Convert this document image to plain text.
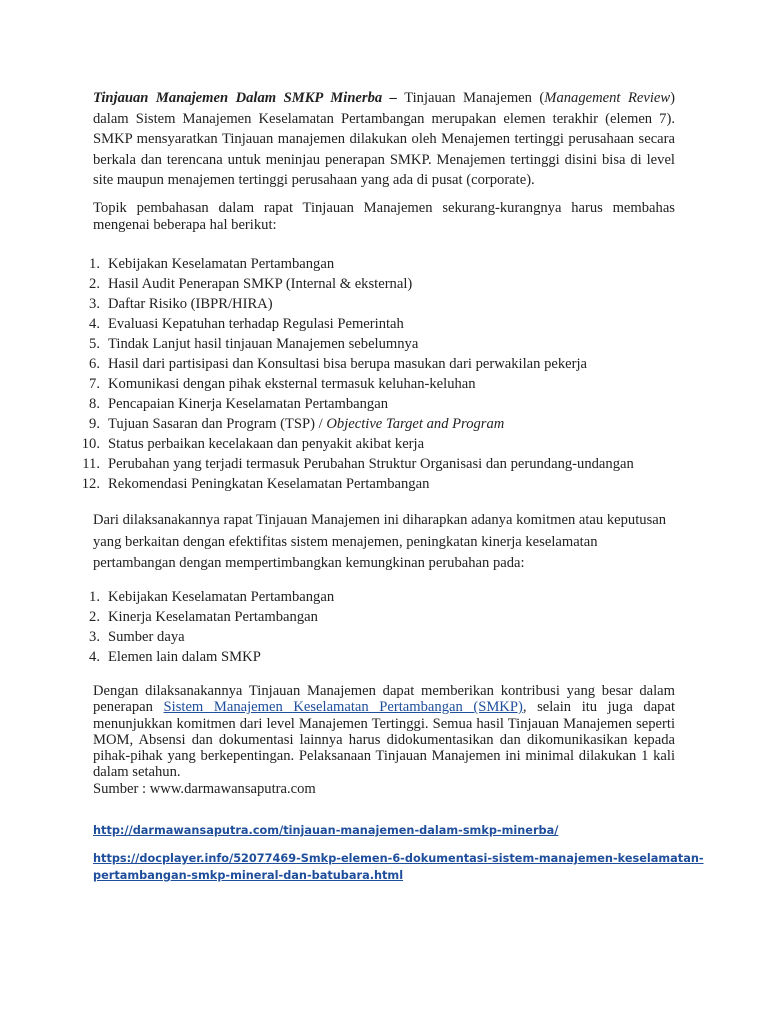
Tinjauan Manajemen Dalam SMKP Minerba – Tinjauan Manajemen (Management Review) dalam Sistem Manajemen Keselamatan Pertambangan merupakan elemen terakhir (elemen 7). SMKP mensyaratkan Tinjauan manajemen dilakukan oleh Menajemen tertinggi perusahaan secara berkala dan terencana untuk meninjau penerapan SMKP. Menajemen tertinggi disini bisa di level site maupun menajemen tertinggi perusahaan yang ada di pusat (corporate).

Topik pembahasan dalam rapat Tinjauan Manajemen sekurang-kurangnya harus membahas mengenai beberapa hal berikut:

1. Kebijakan Keselamatan Pertambangan
2. Hasil Audit Penerapan SMKP (Internal & eksternal)
3. Daftar Risiko (IBPR/HIRA)
4. Evaluasi Kepatuhan terhadap Regulasi Pemerintah
5. Tindak Lanjut hasil tinjauan Manajemen sebelumnya
6. Hasil dari partisipasi dan Konsultasi bisa berupa masukan dari perwakilan pekerja
7. Komunikasi dengan pihak eksternal termasuk keluhan-keluhan
8. Pencapaian Kinerja Keselamatan Pertambangan
9. Tujuan Sasaran dan Program (TSP) / Objective Target and Program
10. Status perbaikan kecelakaan dan penyakit akibat kerja
11. Perubahan yang terjadi termasuk Perubahan Struktur Organisasi dan perundang-undangan
12. Rekomendasi Peningkatan Keselamatan Pertambangan

Dari dilaksanakannya rapat Tinjauan Manajemen ini diharapkan adanya komitmen atau keputusan yang berkaitan dengan efektifitas sistem menajemen, peningkatan kinerja keselamatan pertambangan dengan mempertimbangkan kemungkinan perubahan pada:

1. Kebijakan Keselamatan Pertambangan
2. Kinerja Keselamatan Pertambangan
3. Sumber daya
4. Elemen lain dalam SMKP
Dengan dilaksanakannya Tinjauan Manajemen dapat memberikan kontribusi yang besar dalam penerapan Sistem Manajemen Keselamatan Pertambangan (SMKP), selain itu juga dapat menunjukkan komitmen dari level Manajemen Tertinggi. Semua hasil Tinjauan Manajemen seperti MOM, Absensi dan dokumentasi lainnya harus didokumentasikan dan dikomunikasikan kepada pihak-pihak yang berkepentingan. Pelaksanaan Tinjauan Manajemen ini minimal dilakukan 1 kali dalam setahun.
Sumber : www.darmawansaputra.com
http://darmawansaputra.com/tinjauan-manajemen-dalam-smkp-minerba/
https://docplayer.info/52077469-Smkp-elemen-6-dokumentasi-sistem-manajemen-keselamatan-pertambangan-smkp-mineral-dan-batubara.html
